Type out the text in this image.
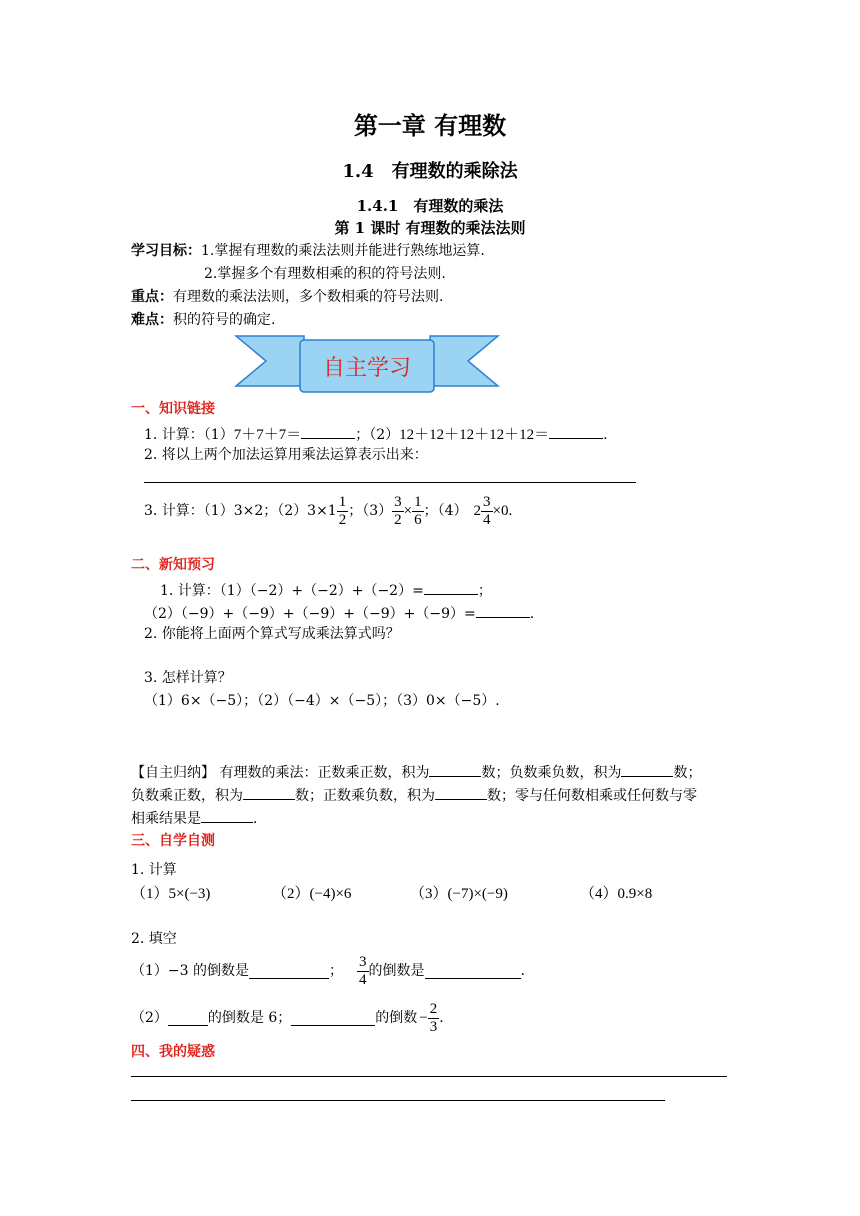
第一章 有理数
1.4　有理数的乘除法
1.4.1　有理数的乘法
第 1 课时 有理数的乘法法则
学习目标：1.掌握有理数的乘法法则并能进行熟练地运算.
2.掌握多个有理数相乘的积的符号法则.
重点：有理数的乘法法则，多个数相乘的符号法则.
难点：积的符号的确定.
自主学习
一、知识链接
1. 计算：（1）7＋7＋7＝	；（2）12＋12＋12＋12＋12＝	.
2. 将以上两个加法运算用乘法运算表示出来：
3. 计算：（1）3×2；$(2)3\times 1 \frac{1}{2}$ ；$(3) \frac{3}{2} \times \frac{1}{6}$ ；（4） $2 \frac{3}{4} \times 0$.
二、新知预习
1. 计算：（1）（−2）+（−2）+（−2）=	；
（2）（−9）+（−9）+（−9）+（−9）+（−9）=	.
2. 你能将上面两个算式写成乘法算式吗？
3. 怎样计算？
（1）6×（−5）；（2）（−4）×（−5）；（3）0×（−5）.
【自主归纳】 有理数的乘法：正数乘正数，积为	数；负数乘负数，积为	数；
负数乘正数，积为	数；正数乘负数，积为	数；零与任何数相乘或任何数与零
相乘结果是	.
三、自学自测
1. 计算
（1）5×(−3)	（2）(−4)×6	（3）(−7)×(−9)	（4）0.9×8
2. 填空
（1）−3 的倒数是	； $\frac{3}{4}$ 的倒数是	.
（2）	的倒数是 6；	的倒数 − $\frac{2}{3}$ .
四、我的疑惑
